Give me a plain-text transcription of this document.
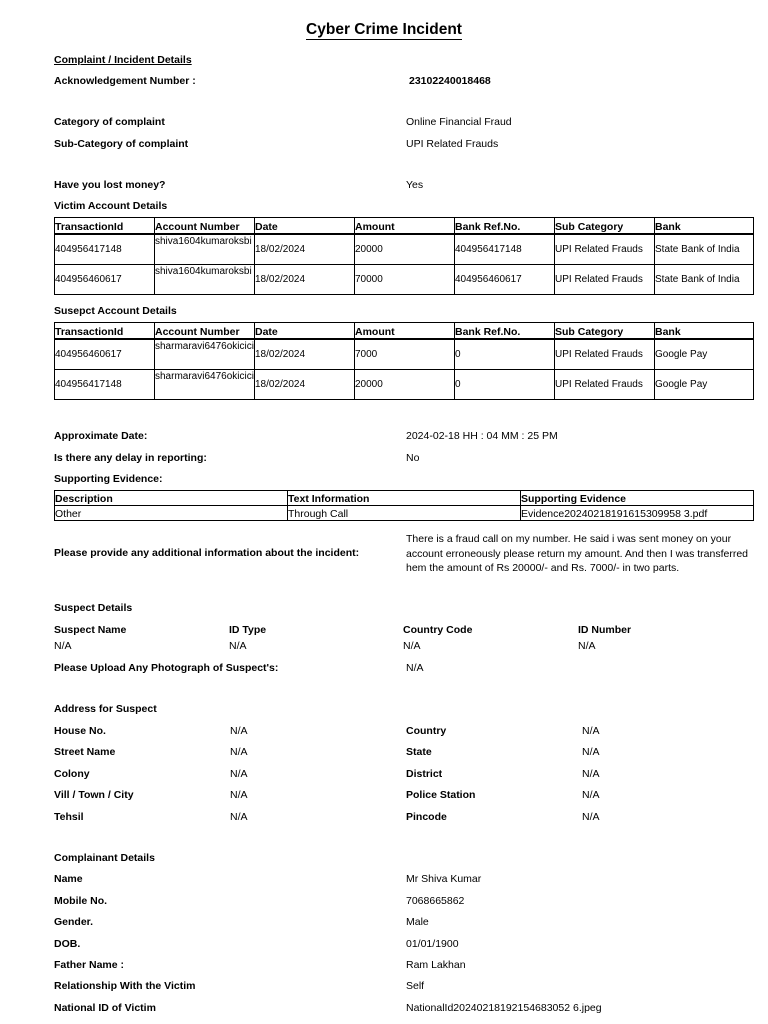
Cyber Crime Incident
Complaint / Incident Details
Acknowledgement Number :	23102240018468
Category of complaint	Online Financial Fraud
Sub-Category of complaint	UPI Related Frauds
Have you lost money?	Yes
Victim Account Details
TransactionId	Account Number	Date	Amount	Bank Ref.No.	Sub Category	Bank
404956417148	shiva1604kumaroksbi	18/02/2024	20000	404956417148	UPI Related Frauds	State Bank of India
404956460617	shiva1604kumaroksbi	18/02/2024	70000	404956460617	UPI Related Frauds	State Bank of India
Susepct Account Details
TransactionId	Account Number	Date	Amount	Bank Ref.No.	Sub Category	Bank
404956460617	sharmaravi6476okicici	18/02/2024	7000	0	UPI Related Frauds	Google Pay
404956417148	sharmaravi6476okicici	18/02/2024	20000	0	UPI Related Frauds	Google Pay
Approximate Date:	2024-02-18 HH : 04 MM : 25 PM
Is there any delay in reporting:	No
Supporting Evidence:
Description	Text Information	Supporting Evidence
Other	Through Call	Evidence20240218191615309958 3.pdf
Please provide any additional information about the incident:
There is a fraud call on my number. He said i was sent money on your account erroneously please return my amount. And then I was transferred hem the amount of Rs 20000/- and Rs. 7000/- in two parts.
Suspect Details
Suspect Name	ID Type	Country Code	ID Number
N/A	N/A	N/A	N/A
Please Upload Any Photograph of Suspect's:	N/A
Address for Suspect
House No.	N/A	Country	N/A
Street Name	N/A	State	N/A
Colony	N/A	District	N/A
Vill / Town / City	N/A	Police Station	N/A
Tehsil	N/A	Pincode	N/A
Complainant Details
Name	Mr Shiva Kumar
Mobile No.	7068665862
Gender.	Male
DOB.	01/01/1900
Father Name :	Ram Lakhan
Relationship With the Victim	Self
National ID of Victim	NationalId20240218192154683052 6.jpeg
